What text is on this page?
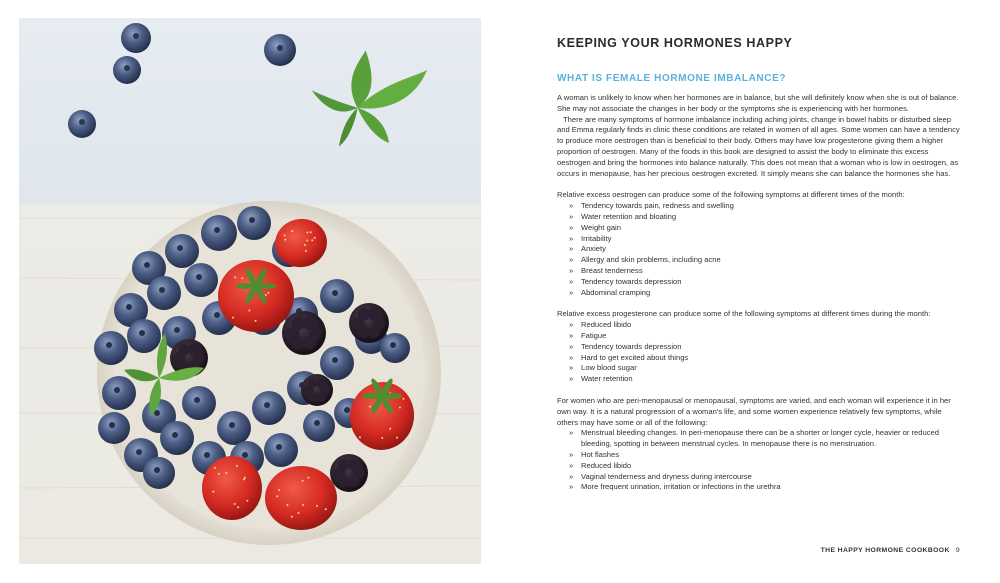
KEEPING YOUR HORMONES HAPPY
WHAT IS FEMALE HORMONE IMBALANCE?

A woman is unlikely to know when her hormones are in balance, but she will definitely know when she is out of balance. She may not associate the changes in her body or the symptoms she is experiencing with her hormones.

There are many symptoms of hormone imbalance including aching joints, change in bowel habits or disturbed sleep and Emma regularly finds in clinic these conditions are related in women of all ages. Some women can have a tendency to produce more oestrogen than is beneficial to their body. Others may have low progesterone giving them a higher proportion of oestrogen. Many of the foods in this book are designed to assist the body to eliminate this excess oestrogen and bring the hormones into balance naturally. This does not mean that a woman who is low in oestrogen, as occurs in menopause, has her precious oestrogen excreted. It simply means she can balance the hormones she has.

Relative excess oestrogen can produce some of the following symptoms at different times of the month:

» Tendency towards pain, redness and swelling
» Water retention and bloating
» Weight gain
» Irritability
» Anxiety
» Allergy and skin problems, including acne
» Breast tenderness
» Tendency towards depression
» Abdominal cramping

Relative excess progesterone can produce some of the following symptoms at different times during the month:

» Reduced libido
» Fatigue
» Tendency towards depression
» Hard to get excited about things
» Low blood sugar
» Water retention

For women who are peri-menopausal or menopausal, symptoms are varied, and each woman will experience it in her own way. It is a natural progression of a woman's life, and some women experience relatively few symptoms, while others may have some or all of the following:

» Menstrual bleeding changes. In peri-menopause there can be a shorter or longer cycle, heavier or reduced bleeding, spotting in between menstrual cycles. In menopause there is no menstruation.
» Hot flashes
» Reduced libido
» Vaginal tenderness and dryness during intercourse
» More frequent urination, irritation or infections in the urethra
THE HAPPY HORMONE COOKBOOK 9
